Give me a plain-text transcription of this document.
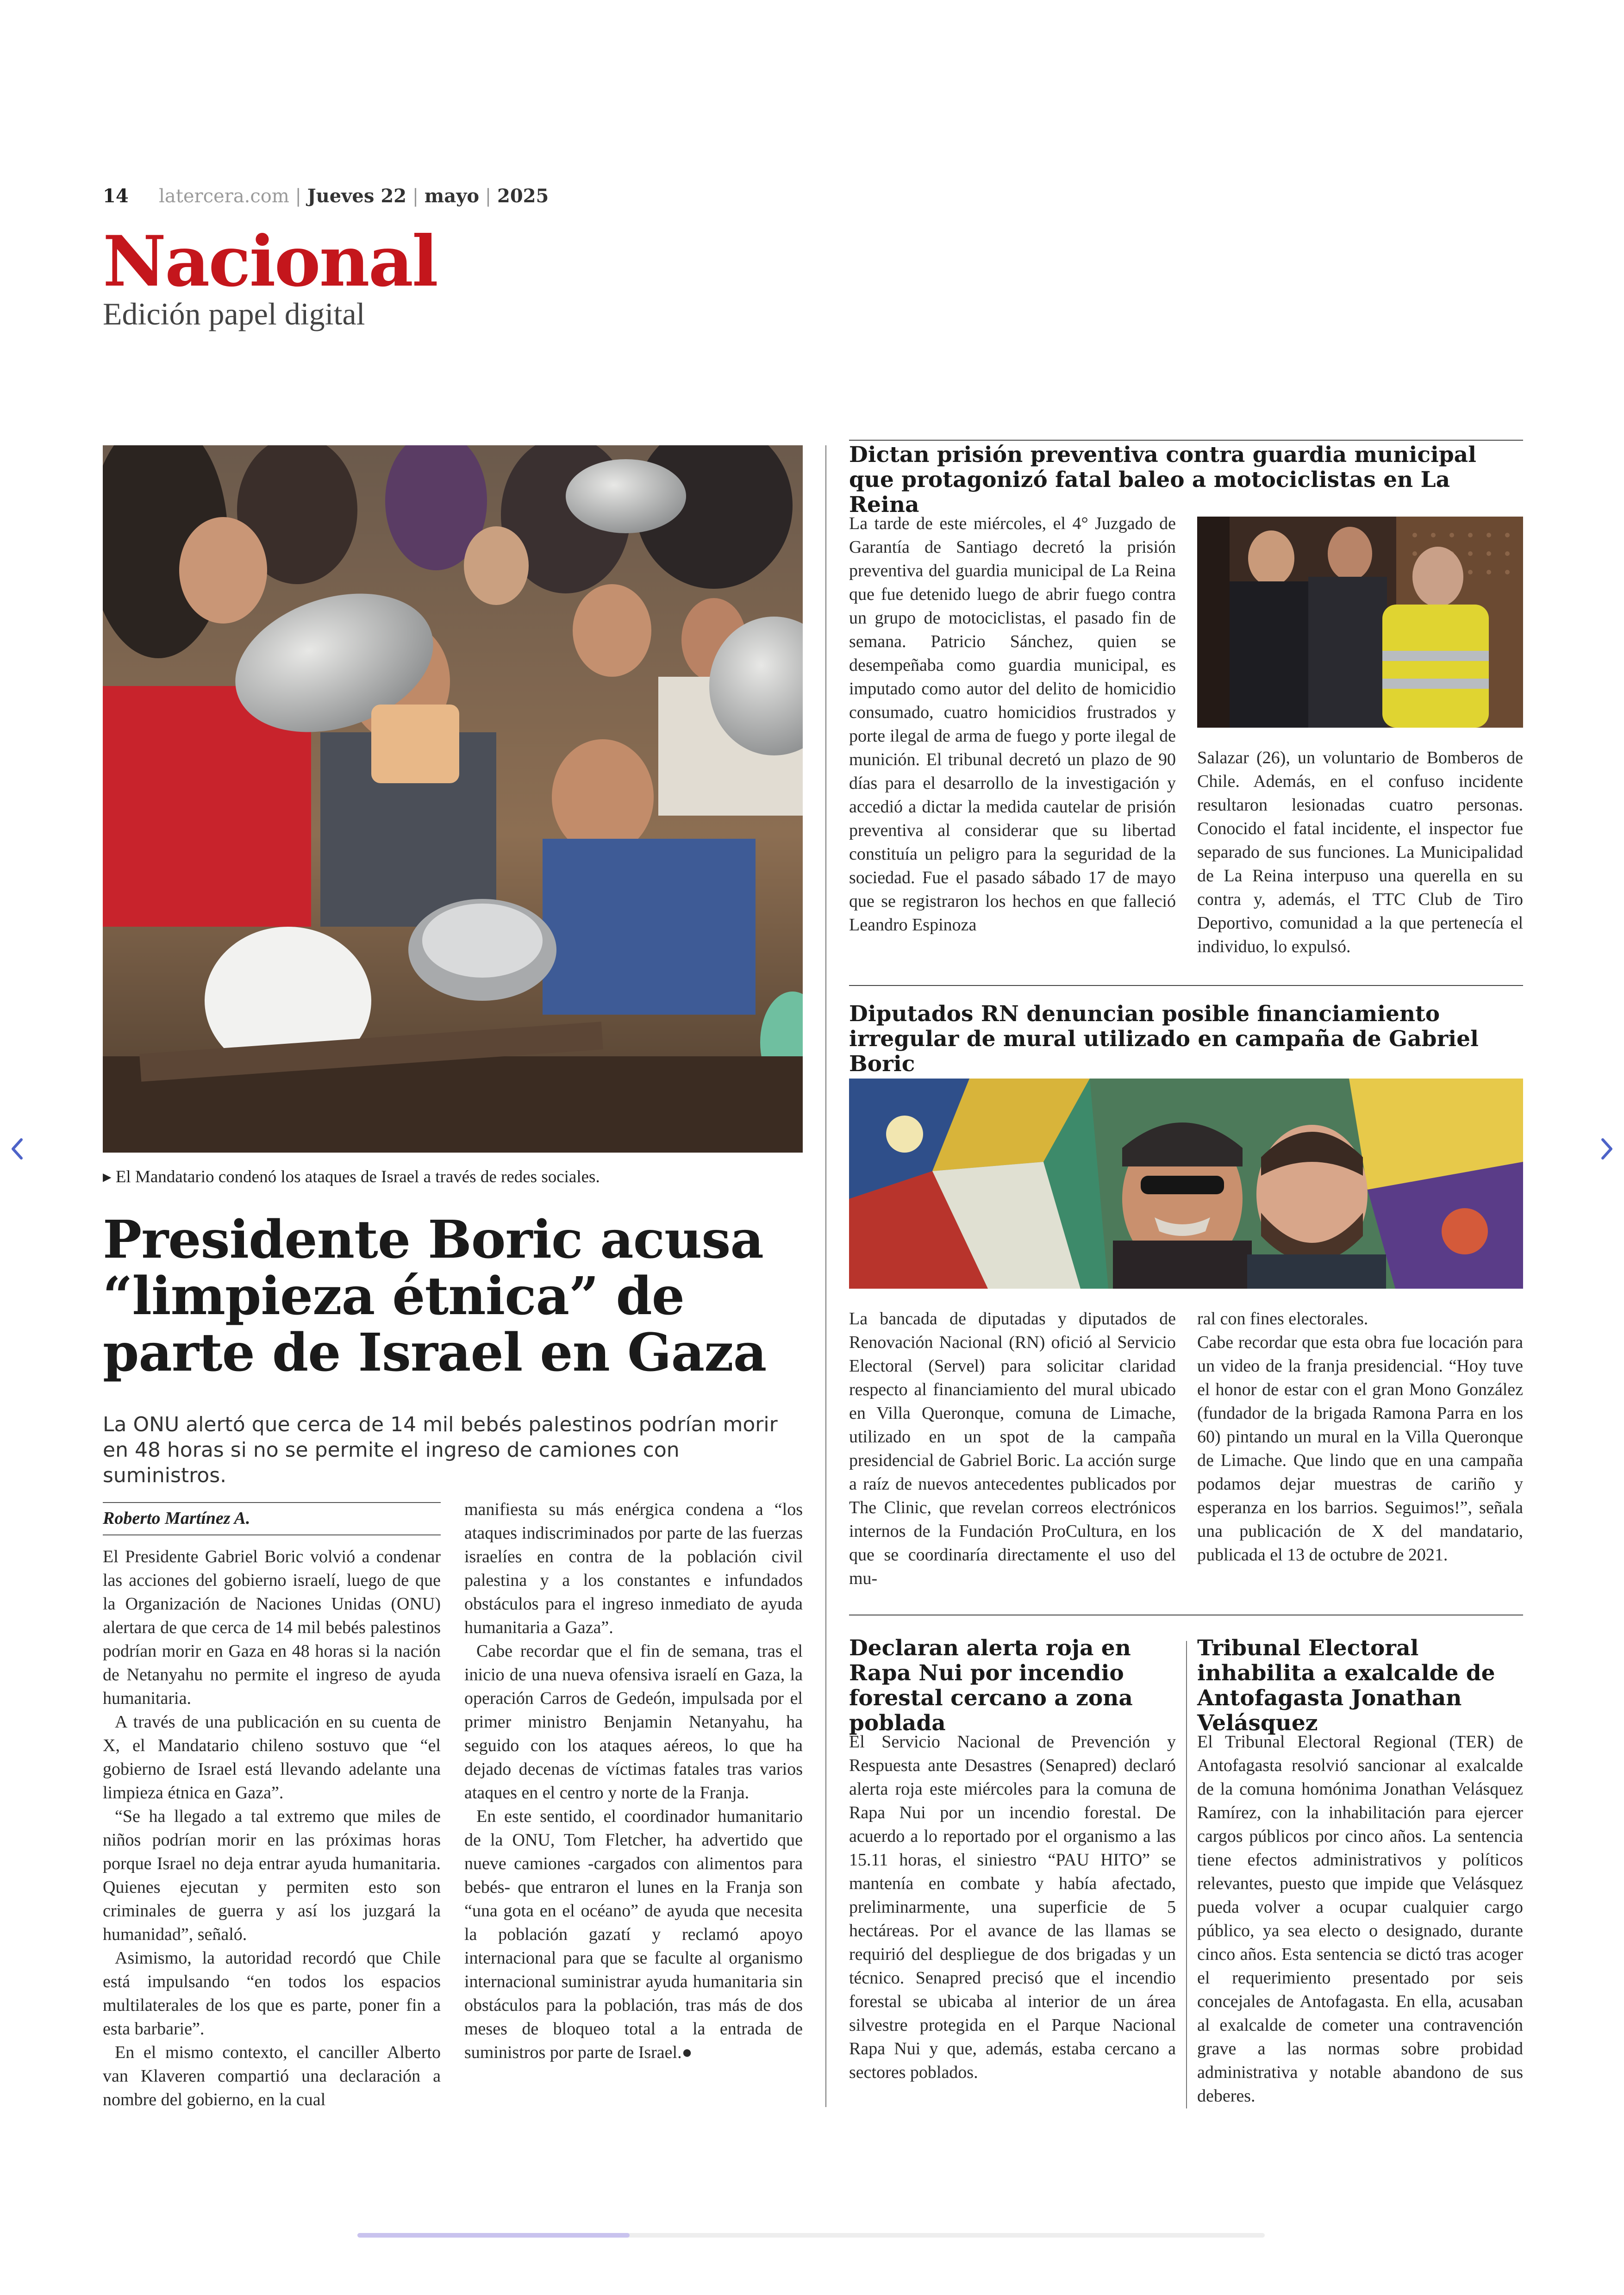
14 latercera.com | Jueves 22 | mayo | 2025
Nacional
Edición papel digital
▸ El Mandatario condenó los ataques de Israel a través de redes sociales.
Presidente Boric acusa “limpieza étnica” de parte de Israel en Gaza
La ONU alertó que cerca de 14 mil bebés palestinos podrían morir en 48 horas si no se permite el ingreso de camiones con suministros.
Roberto Martínez A.

El Presidente Gabriel Boric volvió a condenar las acciones del gobierno israelí, luego de que la Organización de Naciones Unidas (ONU) alertara de que cerca de 14 mil bebés palestinos podrían morir en Gaza en 48 horas si la nación de Netanyahu no permite el ingreso de ayuda humanitaria.

A través de una publicación en su cuenta de X, el Mandatario chileno sostuvo que “el gobierno de Israel está llevando adelante una limpieza étnica en Gaza”.

“Se ha llegado a tal extremo que miles de niños podrían morir en las próximas horas porque Israel no deja entrar ayuda humanitaria. Quienes ejecutan y permiten esto son criminales de guerra y así los juzgará la humanidad”, señaló.

Asimismo, la autoridad recordó que Chile está impulsando “en todos los espacios multilaterales de los que es parte, poner fin a esta barbarie”.

En el mismo contexto, el canciller Alberto van Klaveren compartió una declaración a nombre del gobierno, en la cual

manifiesta su más enérgica condena a “los ataques indiscriminados por parte de las fuerzas israelíes en contra de la población civil palestina y a los constantes e infundados obstáculos para el ingreso inmediato de ayuda humanitaria a Gaza”.

Cabe recordar que el fin de semana, tras el inicio de una nueva ofensiva israelí en Gaza, la operación Carros de Gedeón, impulsada por el primer ministro Benjamin Netanyahu, ha seguido con los ataques aéreos, lo que ha dejado decenas de víctimas fatales tras varios ataques en el centro y norte de la Franja.

En este sentido, el coordinador humanitario de la ONU, Tom Fletcher, ha advertido que nueve camiones -cargados con alimentos para bebés- que entraron el lunes en la Franja son “una gota en el océano” de ayuda que necesita la población gazatí y reclamó apoyo internacional para que se faculte al organismo internacional suministrar ayuda humanitaria sin obstáculos para la población, tras más de dos meses de bloqueo total a la entrada de suministros por parte de Israel.●

Dictan prisión preventiva contra guardia municipal que protagonizó fatal baleo a motociclistas en La Reina

La tarde de este miércoles, el 4° Juzgado de Garantía de Santiago decretó la prisión preventiva del guardia municipal de La Reina que fue detenido luego de abrir fuego contra un grupo de motociclistas, el pasado fin de semana. Patricio Sánchez, quien se desempeñaba como guardia municipal, es imputado como autor del delito de homicidio consumado, cuatro homicidios frustrados y porte ilegal de arma de fuego y porte ilegal de munición. El tribunal decretó un plazo de 90 días para el desarrollo de la investigación y accedió a dictar la medida cautelar de prisión preventiva al considerar que su libertad constituía un peligro para la seguridad de la sociedad. Fue el pasado sábado 17 de mayo que se registraron los hechos en que falleció Leandro Espinoza

Salazar (26), un voluntario de Bomberos de Chile. Además, en el confuso incidente resultaron lesionadas cuatro personas. Conocido el fatal incidente, el inspector fue separado de sus funciones. La Municipalidad de La Reina interpuso una querella en su contra y, además, el TTC Club de Tiro Deportivo, comunidad a la que pertenecía el individuo, lo expulsó.

Diputados RN denuncian posible financiamiento irregular de mural utilizado en campaña de Gabriel Boric

La bancada de diputadas y diputados de Renovación Nacional (RN) ofició al Servicio Electoral (Servel) para solicitar claridad respecto al financiamiento del mural ubicado en Villa Queronque, comuna de Limache, utilizado en un spot de la campaña presidencial de Gabriel Boric. La acción surge a raíz de nuevos antecedentes publicados por The Clinic, que revelan correos electrónicos internos de la Fundación ProCultura, en los que se coordinaría directamente el uso del mu-

ral con fines electorales.

Cabe recordar que esta obra fue locación para un video de la franja presidencial. “Hoy tuve el honor de estar con el gran Mono González (fundador de la brigada Ramona Parra en los 60) pintando un mural en la Villa Queronque de Limache. Que lindo que en una campaña podamos dejar muestras de cariño y esperanza en los barrios. Seguimos!”, señala una publicación de X del mandatario, publicada el 13 de octubre de 2021.

Declaran alerta roja en Rapa Nui por incendio forestal cercano a zona poblada

El Servicio Nacional de Prevención y Respuesta ante Desastres (Senapred) declaró alerta roja este miércoles para la comuna de Rapa Nui por un incendio forestal. De acuerdo a lo reportado por el organismo a las 15.11 horas, el siniestro “PAU HITO” se mantenía en combate y había afectado, preliminarmente, una superficie de 5 hectáreas. Por el avance de las llamas se requirió del despliegue de dos brigadas y un técnico. Senapred precisó que el incendio forestal se ubicaba al interior de un área silvestre protegida en el Parque Nacional Rapa Nui y que, además, estaba cercano a sectores poblados.

Tribunal Electoral inhabilita a exalcalde de Antofagasta Jonathan Velásquez

El Tribunal Electoral Regional (TER) de Antofagasta resolvió sancionar al exalcalde de la comuna homónima Jonathan Velásquez Ramírez, con la inhabilitación para ejercer cargos públicos por cinco años. La sentencia tiene efectos administrativos y políticos relevantes, puesto que impide que Velásquez pueda volver a ocupar cualquier cargo público, ya sea electo o designado, durante cinco años. Esta sentencia se dictó tras acoger el requerimiento presentado por seis concejales de Antofagasta. En ella, acusaban al exalcalde de cometer una contravención grave a las normas sobre probidad administrativa y notable abandono de sus deberes.
